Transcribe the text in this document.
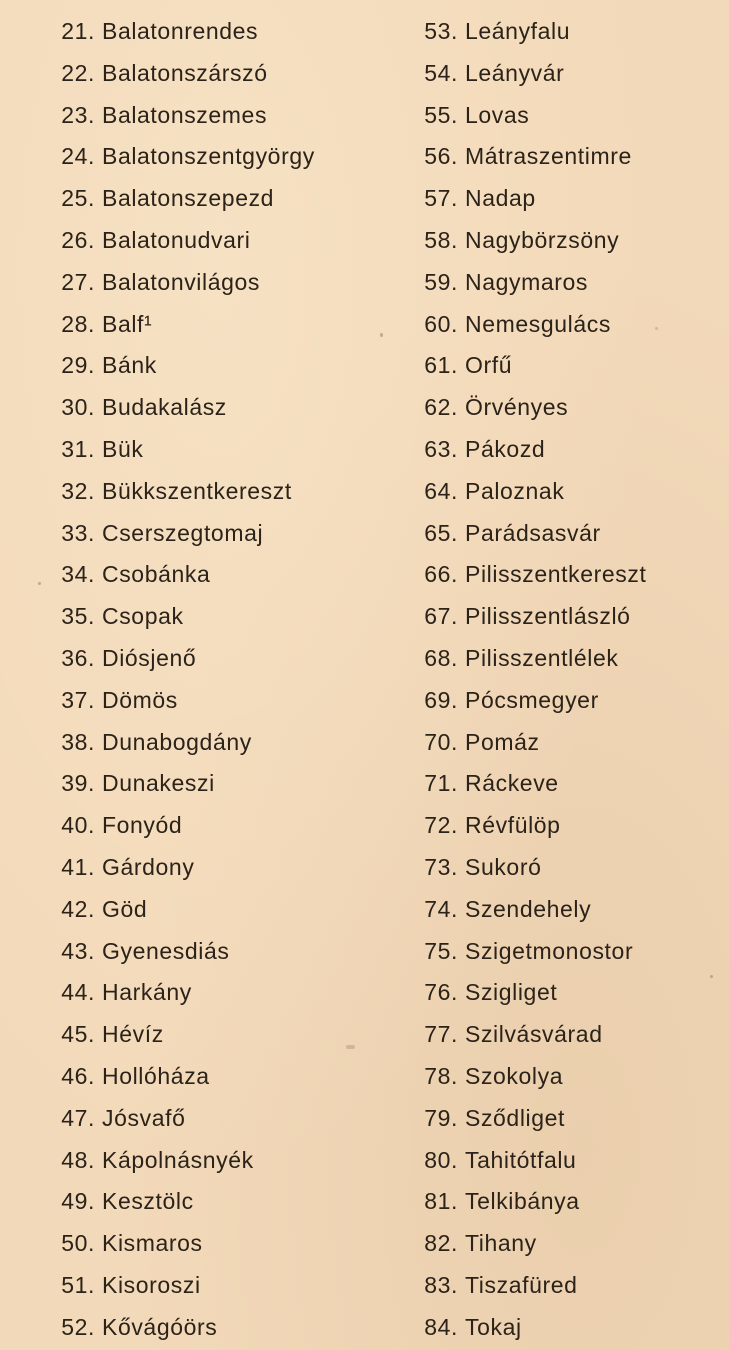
21. Balatonrendes
22. Balatonszárszó
23. Balatonszemes
24. Balatonszentgyörgy
25. Balatonszepezd
26. Balatonudvari
27. Balatonvilágos
28. Balf¹
29. Bánk
30. Budakalász
31. Bük
32. Bükkszentkereszt
33. Cserszegtomaj
34. Csobánka
35. Csopak
36. Diósjenő
37. Dömös
38. Dunabogdány
39. Dunakeszi
40. Fonyód
41. Gárdony
42. Göd
43. Gyenesdiás
44. Harkány
45. Hévíz
46. Hollóháza
47. Jósvafő
48. Kápolnásnyék
49. Kesztölc
50. Kismaros
51. Kisoroszi
52. Kővágóörs
53. Leányfalu
54. Leányvár
55. Lovas
56. Mátraszentimre
57. Nadap
58. Nagybörzsöny
59. Nagymaros
60. Nemesgulács
61. Orfű
62. Örvényes
63. Pákozd
64. Paloznak
65. Parádsasvár
66. Pilisszentkereszt
67. Pilisszentlászló
68. Pilisszentlélek
69. Pócsmegyer
70. Pomáz
71. Ráckeve
72. Révfülöp
73. Sukoró
74. Szendehely
75. Szigetmonostor
76. Szigliget
77. Szilvásvárad
78. Szokolya
79. Sződliget
80. Tahitótfalu
81. Telkibánya
82. Tihany
83. Tiszafüred
84. Tokaj
